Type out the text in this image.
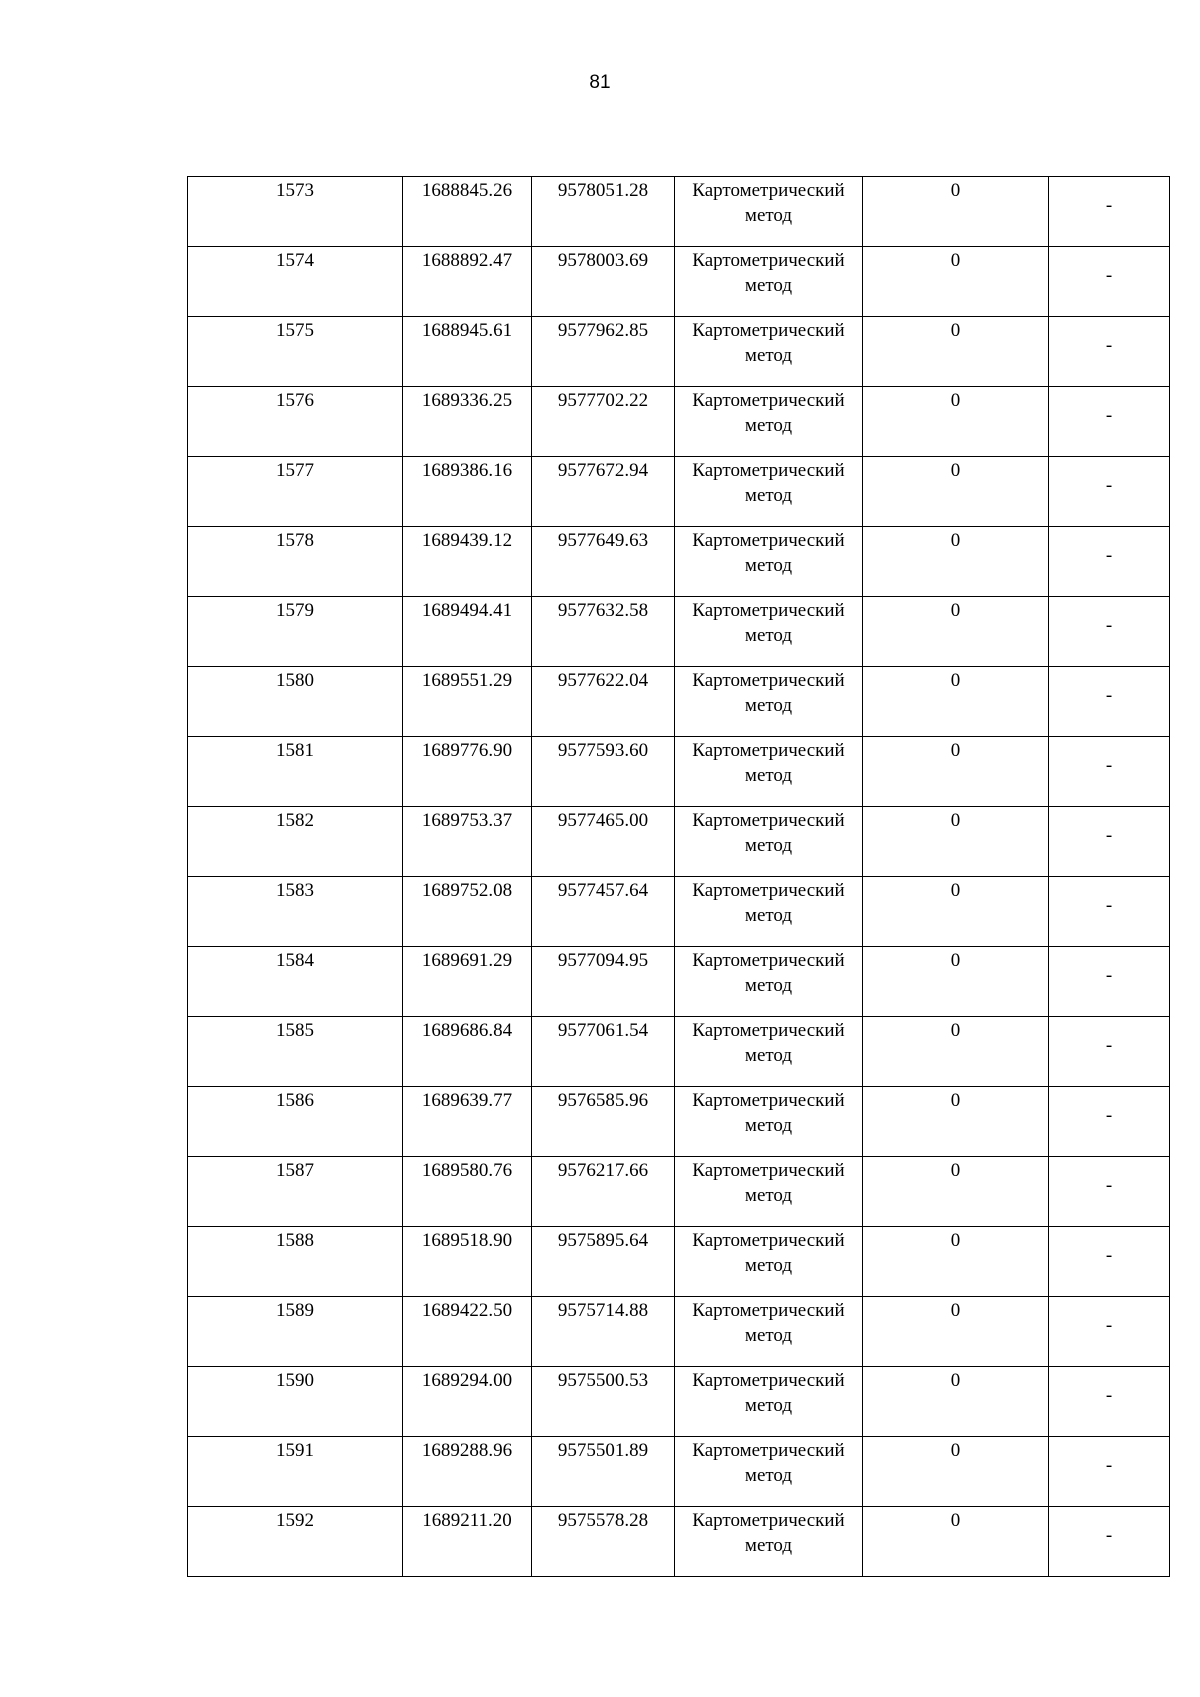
81
1573	1688845.26	9578051.28	Картометрический метод	0	-

1574	1688892.47	9578003.69	Картометрический метод	0	-

1575	1688945.61	9577962.85	Картометрический метод	0	-

1576	1689336.25	9577702.22	Картометрический метод	0	-

1577	1689386.16	9577672.94	Картометрический метод	0	-

1578	1689439.12	9577649.63	Картометрический метод	0	-

1579	1689494.41	9577632.58	Картометрический метод	0	-

1580	1689551.29	9577622.04	Картометрический метод	0	-

1581	1689776.90	9577593.60	Картометрический метод	0	-

1582	1689753.37	9577465.00	Картометрический метод	0	-

1583	1689752.08	9577457.64	Картометрический метод	0	-

1584	1689691.29	9577094.95	Картометрический метод	0	-

1585	1689686.84	9577061.54	Картометрический метод	0	-

1586	1689639.77	9576585.96	Картометрический метод	0	-

1587	1689580.76	9576217.66	Картометрический метод	0	-

1588	1689518.90	9575895.64	Картометрический метод	0	-

1589	1689422.50	9575714.88	Картометрический метод	0	-

1590	1689294.00	9575500.53	Картометрический метод	0	-

1591	1689288.96	9575501.89	Картометрический метод	0	-

1592	1689211.20	9575578.28	Картометрический метод	0	-
